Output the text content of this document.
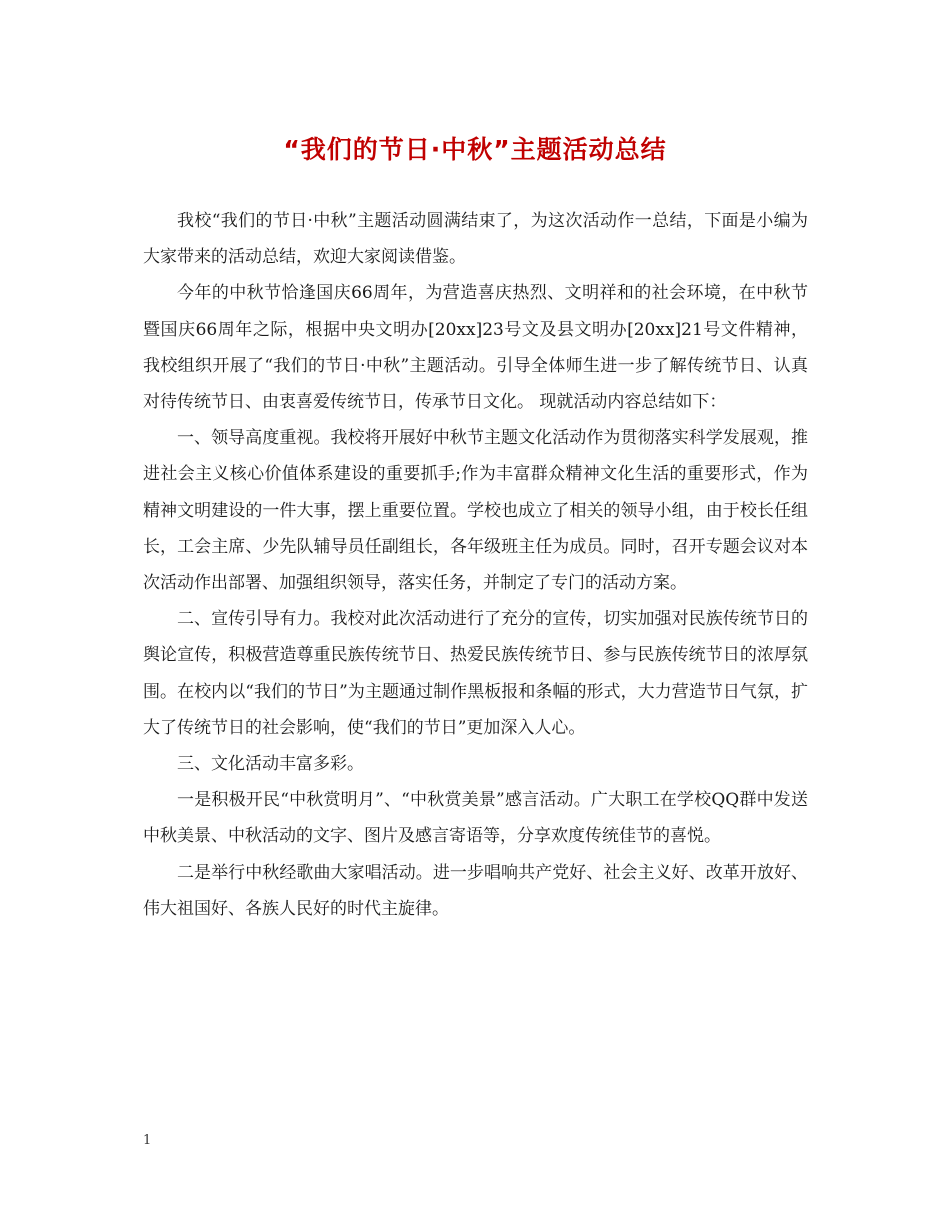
“我们的节日·中秋”主题活动总结

我校“我们的节日·中秋”主题活动圆满结束了，为这次活动作一总结，下面是小编为大家带来的活动总结，欢迎大家阅读借鉴。

今年的中秋节恰逢国庆66周年，为营造喜庆热烈、文明祥和的社会环境，在中秋节暨国庆66周年之际，根据中央文明办[20xx]23号文及县文明办[20xx]21号文件精神，我校组织开展了“我们的节日·中秋”主题活动。引导全体师生进一步了解传统节日、认真对待传统节日、由衷喜爱传统节日，传承节日文化。 现就活动内容总结如下：

一、领导高度重视。我校将开展好中秋节主题文化活动作为贯彻落实科学发展观，推进社会主义核心价值体系建设的重要抓手;作为丰富群众精神文化生活的重要形式，作为精神文明建设的一件大事，摆上重要位置。学校也成立了相关的领导小组，由于校长任组长，工会主席、少先队辅导员任副组长，各年级班主任为成员。同时，召开专题会议对本次活动作出部署、加强组织领导，落实任务，并制定了专门的活动方案。

二、宣传引导有力。我校对此次活动进行了充分的宣传，切实加强对民族传统节日的舆论宣传，积极营造尊重民族传统节日、热爱民族传统节日、参与民族传统节日的浓厚氛围。在校内以“我们的节日”为主题通过制作黑板报和条幅的形式，大力营造节日气氛，扩大了传统节日的社会影响，使“我们的节日”更加深入人心。

三、文化活动丰富多彩。

一是积极开民“中秋赏明月”、“中秋赏美景”感言活动。广大职工在学校QQ群中发送中秋美景、中秋活动的文字、图片及感言寄语等，分享欢度传统佳节的喜悦。

二是举行中秋经歌曲大家唱活动。进一步唱响共产党好、社会主义好、改革开放好、伟大祖国好、各族人民好的时代主旋律。

1
